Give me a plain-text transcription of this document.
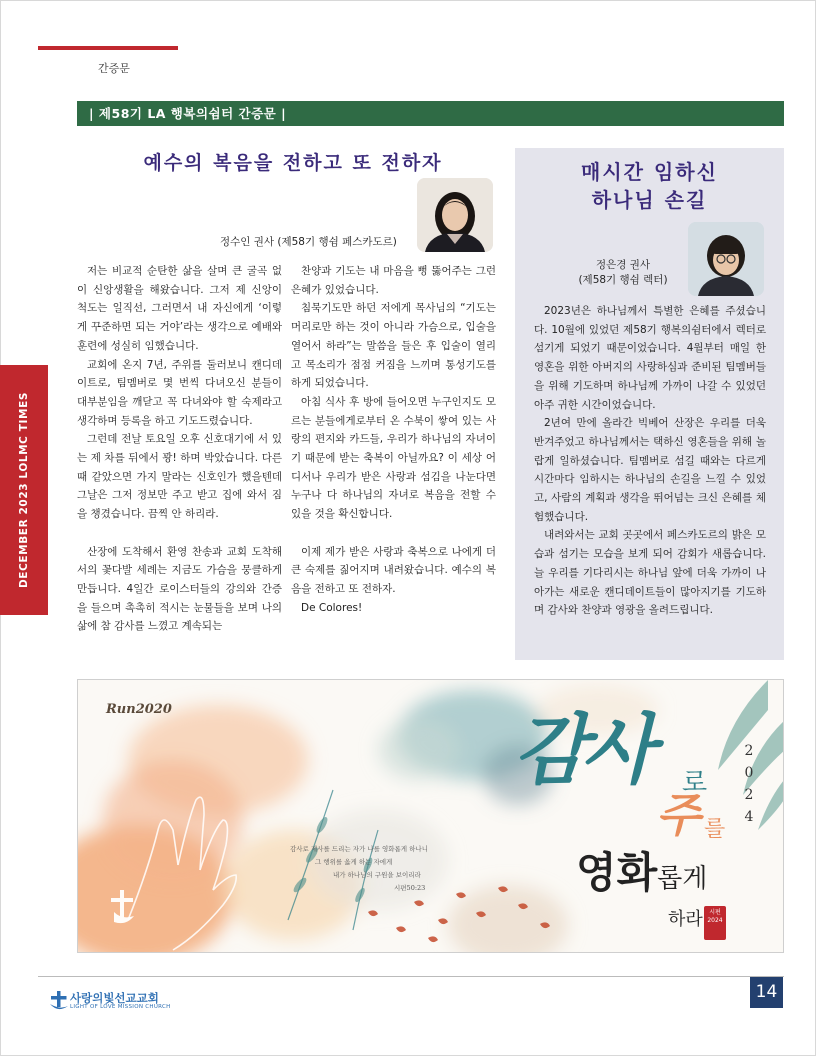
간증문
| 제58기 LA 행복의쉼터 간증문 |
DECEMBER 2023 LOLMC TIMES
예수의 복음을 전하고 또 전하자
정수인 권사 (제58기 행쉼 페스카도르)

저는 비교적 순탄한 삶을 살며 큰 굴곡 없이 신앙생활을 해왔습니다. 그저 제 신앙이 척도는 일직선, 그러면서 내 자신에게 ‘이렇게 꾸준하면 되는 거야’라는 생각으로 예배와 훈련에 성실히 임했습니다.

교회에 온지 7년, 주위를 둘러보니 캔디데이트로, 팀멤버로 몇 번씩 다녀오신 분들이 대부분임을 깨닫고 꼭 다녀와야 할 숙제라고 생각하며 등록을 하고 기도드렸습니다.

그런데 전날 토요일 오후 신호대기에 서 있는 제 차를 뒤에서 꽝! 하며 박았습니다. 다른 때 같았으면 가지 말라는 신호인가 했을텐데 그날은 그저 정보만 주고 받고 집에 와서 짐을 챙겼습니다. 끔찍 안 하리라.

산장에 도착해서 환영 찬송과 교회 도착해서의 꽃다발 세례는 지금도 가슴을 뭉클하게 만듭니다. 4일간 로이스터들의 강의와 간증을 들으며 촉촉히 적시는 눈물들을 보며 나의 삶에 참 감사를 느꼈고 계속되는

찬양과 기도는 내 마음을 뻥 뚫어주는 그런 은혜가 있었습니다.

침묵기도만 하던 저에게 목사님의 “기도는 머리로만 하는 것이 아니라 가슴으로, 입술을 열어서 하라”는 말씀을 들은 후 입술이 열리고 목소리가 점점 커짐을 느끼며 통성기도를 하게 되었습니다.

아침 식사 후 방에 들어오면 누구인지도 모르는 분들에게로부터 온 수북이 쌓여 있는 사랑의 편지와 카드들, 우리가 하나님의 자녀이기 때문에 받는 축복이 아닐까요? 이 세상 어디서나 우리가 받은 사랑과 섬김을 나눈다면 누구나 다 하나님의 자녀로 복음을 전할 수 있을 것을 확신합니다.

이제 제가 받은 사랑과 축복으로 나에게 더 큰 숙제를 짊어지며 내려왔습니다. 예수의 복음을 전하고 또 전하자.

De Colores!

매시간 임하신
하나님 손길
정은경 권사
(제58기 행쉼 렉터)

2023년은 하나님께서 특별한 은혜를 주셨습니다. 10월에 있었던 제58기 행복의쉼터에서 렉터로 섬기게 되었기 때문이었습니다. 4월부터 매일 한 영혼을 위한 아버지의 사랑하심과 준비된 팀멤버들을 위해 기도하며 하나님께 가까이 나갈 수 있었던 아주 귀한 시간이었습니다.

2년여 만에 올라간 빅베어 산장은 우리를 더욱 반겨주었고 하나님께서는 택하신 영혼들을 위해 놀랍게 일하셨습니다. 팀멤버로 섬길 때와는 다르게 시간마다 임하시는 하나님의 손길을 느낄 수 있었고, 사람의 계획과 생각을 뛰어넘는 크신 은혜를 체험했습니다.

내려와서는 교회 곳곳에서 페스카도르의 밝은 모습과 섬기는 모습을 보게 되어 감회가 새롭습니다. 늘 우리를 기다리시는 하나님 앞에 더욱 가까이 나아가는 새로운 캔디데이트들이 많아지기를 기도하며 감사와 찬양과 영광을 올려드립니다.

Run2020
감사로 제사를 드리는 자가 나를 영화롭게 하나니
그 행위를 옳게 하는 자에게
내가 하나님의 구원을 보이리라
시편50:23
감사 로
주 를
영화롭게
하라	시편 2024
2
0
2
4
사랑의빛선교교회
LIGHT OF LOVE MISSION CHURCH
14
